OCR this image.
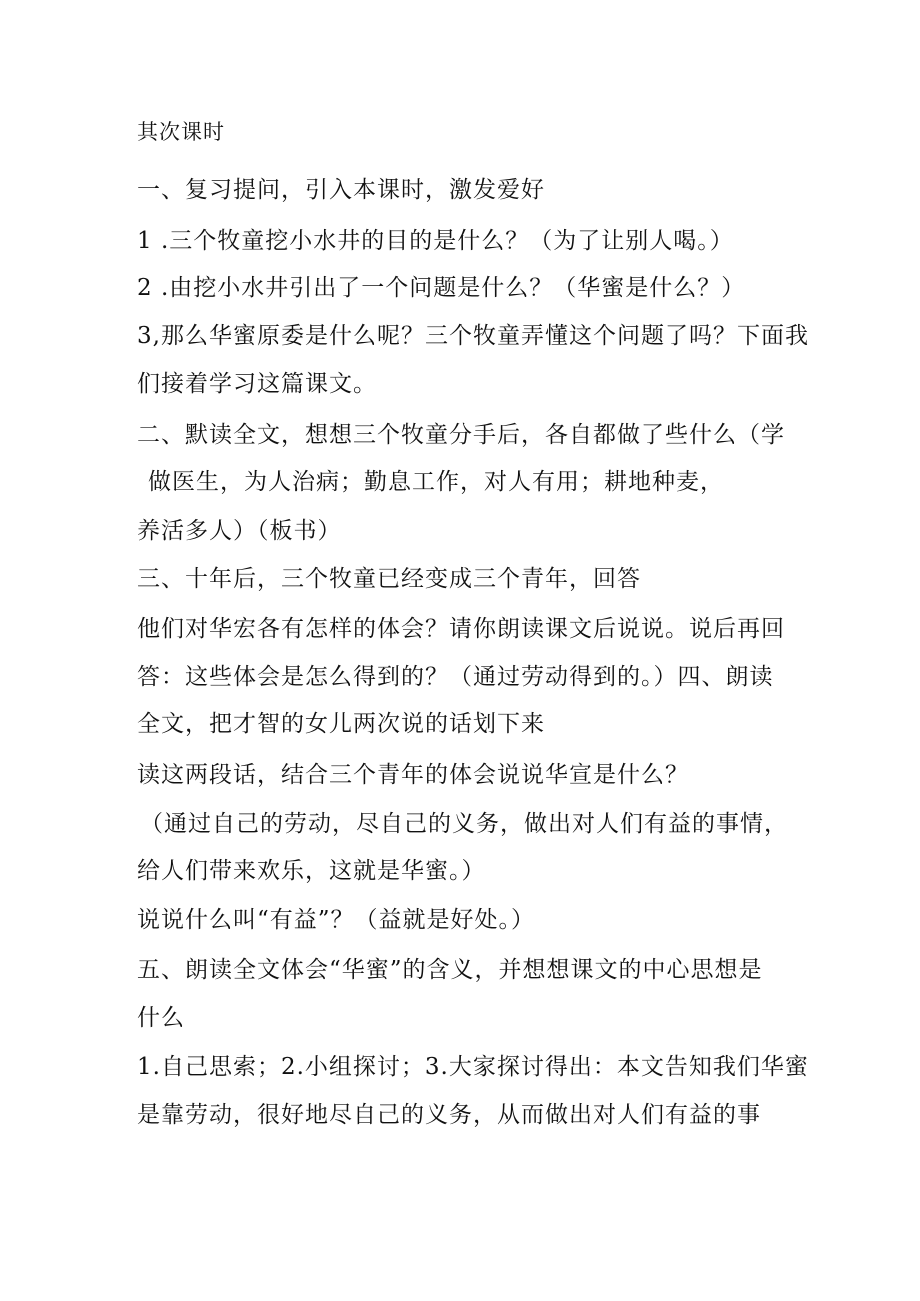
其次课时
一、复习提问，引入本课时，激发爱好
1 .三个牧童挖小水井的目的是什么？（为了让别人喝。）
2 .由挖小水井引出了一个问题是什么？（华蜜是什么？）
3,那么华蜜原委是什么呢？三个牧童弄懂这个问题了吗？下面我
们接着学习这篇课文。
二、默读全文，想想三个牧童分手后，各自都做了些什么（学
做医生，为人治病；勤息工作，对人有用；耕地种麦，
养活多人）（板书）
三、十年后，三个牧童已经变成三个青年，回答
他们对华宏各有怎样的体会？请你朗读课文后说说。说后再回
答：这些体会是怎么得到的？（通过劳动得到的。）四、朗读
全文，把才智的女儿两次说的话划下来
读这两段话，结合三个青年的体会说说华宣是什么？
（通过自己的劳动，尽自己的义务，做出对人们有益的事情，
给人们带来欢乐，这就是华蜜。）
说说什么叫“有益”？（益就是好处。）
五、朗读全文体会“华蜜”的含义，并想想课文的中心思想是
什么
1.自己思索；2.小组探讨；3.大家探讨得出：本文告知我们华蜜
是靠劳动，很好地尽自己的义务，从而做出对人们有益的事
